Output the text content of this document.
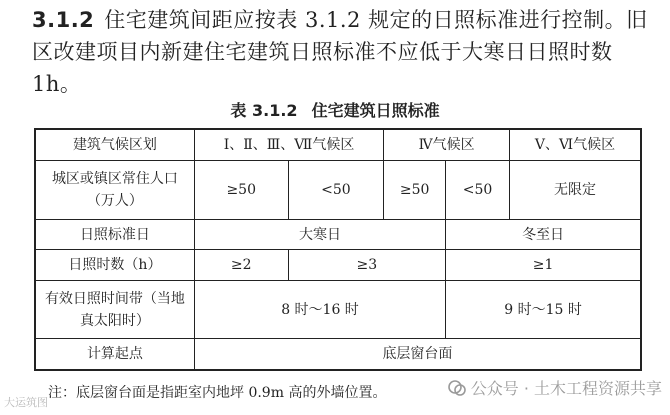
3.1.2 住宅建筑间距应按表 3.1.2 规定的日照标准进行控制。旧区改建项目内新建住宅建筑日照标准不应低于大寒日日照时数 1h。

表 3.1.2 住宅建筑日照标准
建筑气候区划	Ⅰ、Ⅱ、Ⅲ、Ⅶ气候区		Ⅳ气候区		Ⅴ、Ⅵ气候区
城区或镇区常住人口（万人）	≥50	<50	≥50	<50	无限定
日照标准日	大寒日			冬至日	
日照时数（h）	≥2	≥3		≥1	
有效日照时间带（当地真太阳时）	8 时～16 时			9 时～15 时	
计算起点	底层窗台面				

注：底层窗台面是指距室内地坪 0.9m 高的外墙位置。

大运筑图
公众号 · 土木工程资源共享
